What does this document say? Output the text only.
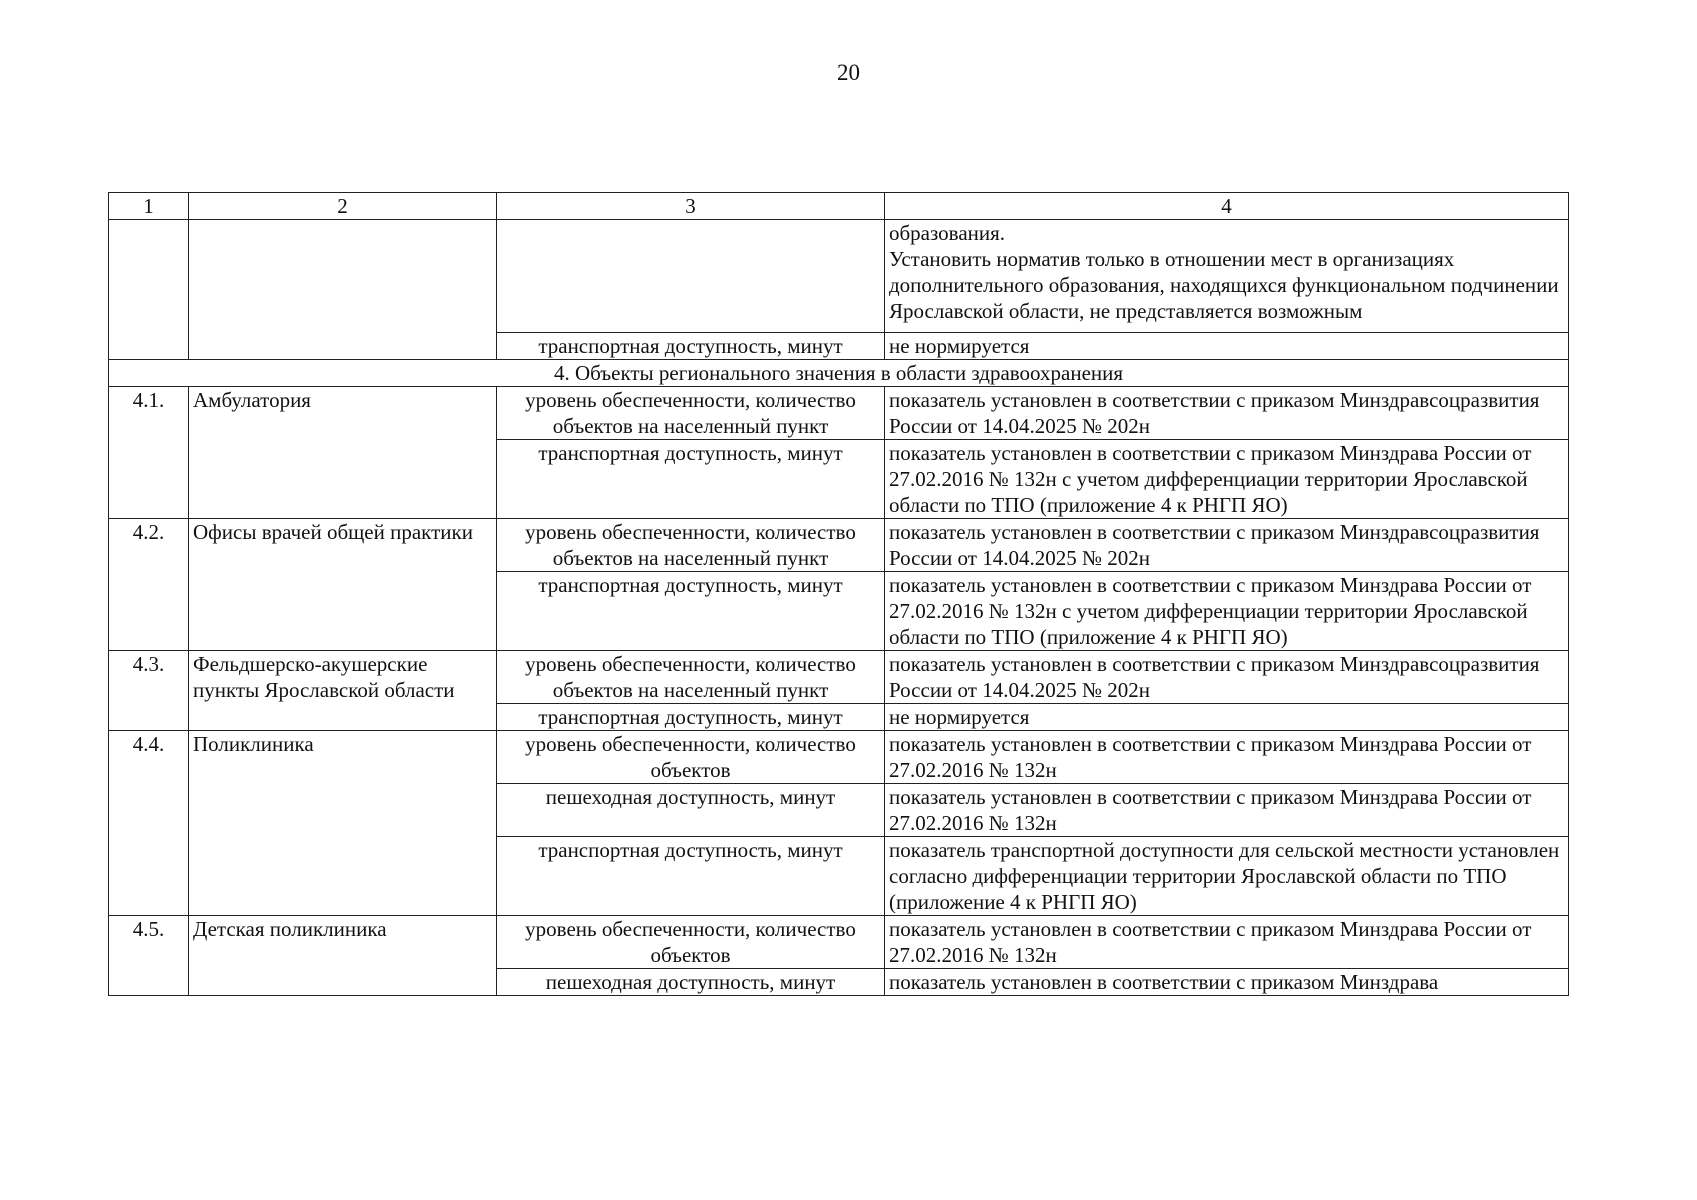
20
1	2	3	4

			образования.
Установить норматив только в отношении мест в организациях дополнительного образования, находящихся функциональном подчинении Ярославской области, не представляется возможным

		транспортная доступность, минут	не нормируется
4. Объекты регионального значения в области здравоохранения			
4.1.	Амбулатория	уровень обеспеченности, количество объектов на населенный пункт	показатель установлен в соответствии с приказом Минздравсоцразвития России от 14.04.2025 № 202н
		транспортная доступность, минут	показатель установлен в соответствии с приказом Минздрава России от 27.02.2016 № 132н с учетом дифференциации территории Ярославской области по ТПО (приложение 4 к РНГП ЯО)
4.2.	Офисы врачей общей практики	уровень обеспеченности, количество объектов на населенный пункт	показатель установлен в соответствии с приказом Минздравсоцразвития России от 14.04.2025 № 202н
		транспортная доступность, минут	показатель установлен в соответствии с приказом Минздрава России от 27.02.2016 № 132н с учетом дифференциации территории Ярославской области по ТПО (приложение 4 к РНГП ЯО)
4.3.	Фельдшерско-акушерские пункты Ярославской области	уровень обеспеченности, количество объектов на населенный пункт	показатель установлен в соответствии с приказом Минздравсоцразвития России от 14.04.2025 № 202н
		транспортная доступность, минут	не нормируется
4.4.	Поликлиника	уровень обеспеченности, количество объектов	показатель установлен в соответствии с приказом Минздрава России от 27.02.2016 № 132н
		пешеходная доступность, минут	показатель установлен в соответствии с приказом Минздрава России от 27.02.2016 № 132н
		транспортная доступность, минут	показатель транспортной доступности для сельской местности установлен согласно дифференциации территории Ярославской области по ТПО (приложение 4 к РНГП ЯО)
4.5.	Детская поликлиника	уровень обеспеченности, количество объектов	показатель установлен в соответствии с приказом Минздрава России от 27.02.2016 № 132н
		пешеходная доступность, минут	показатель установлен в соответствии с приказом Минздрава
